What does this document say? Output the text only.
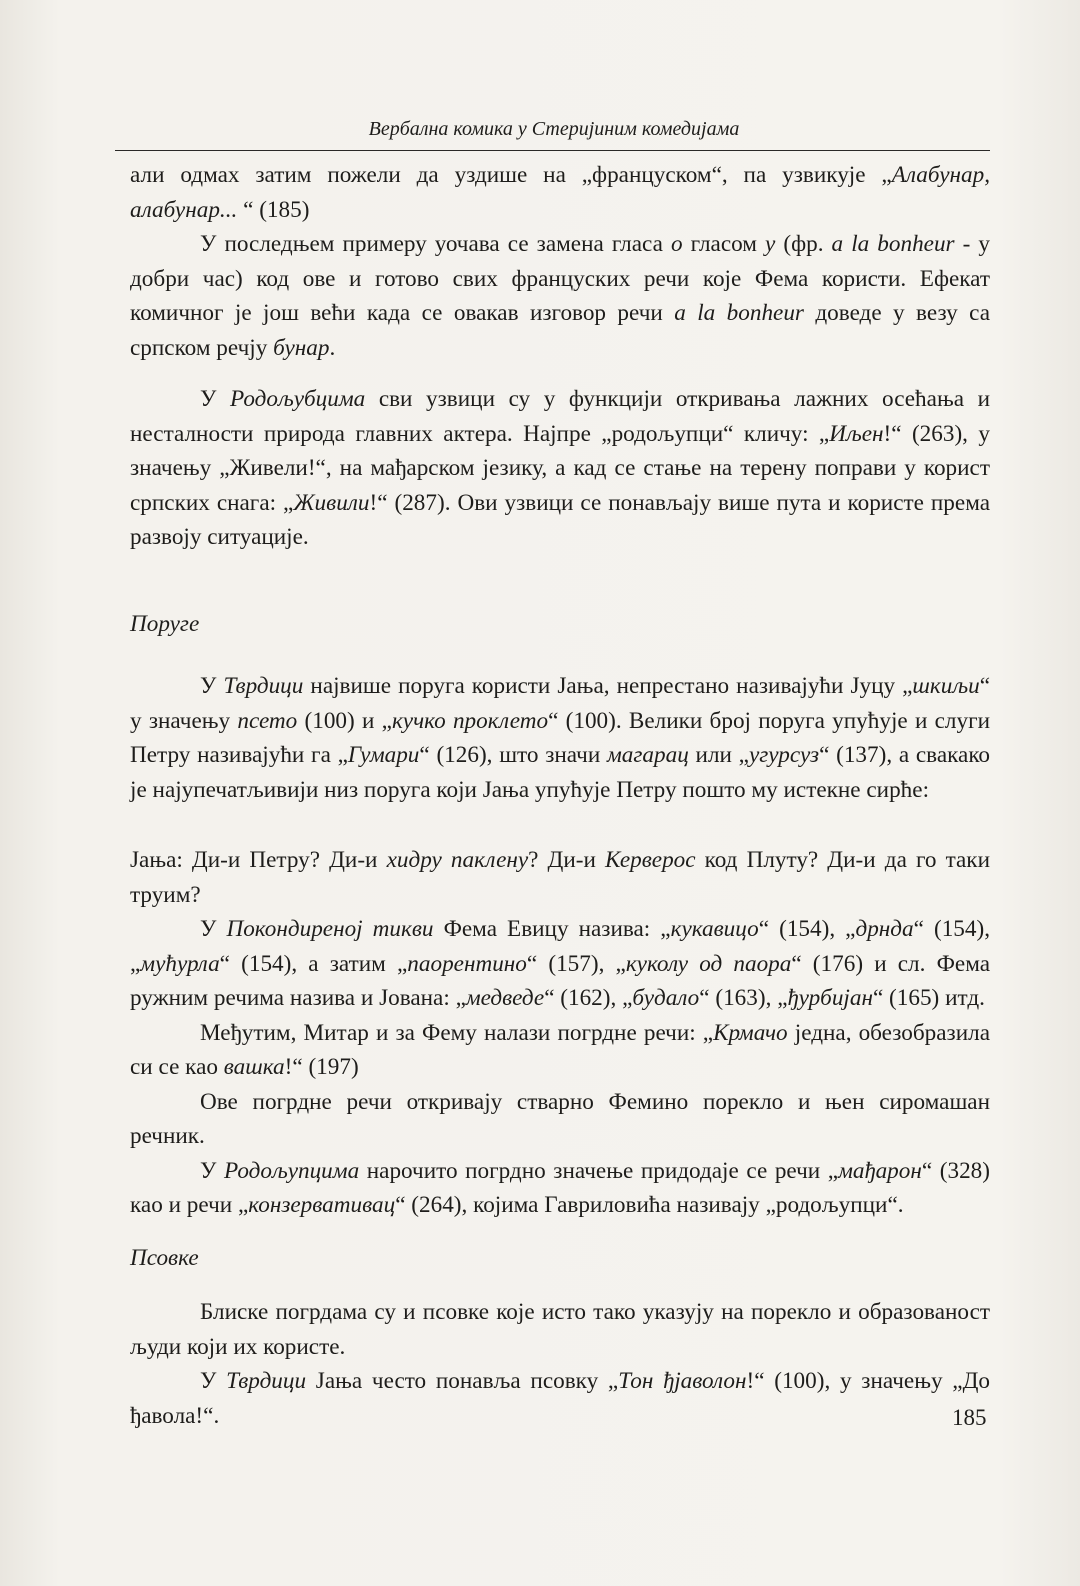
Вербална комика у Стеријиним комедијама

али одмах затим пожели да уздише на „француском“, па узвикује „Алабунар, алабунар... “ (185)

У последњем примеру уочава се замена гласа о гласом у (фр. a la bonheur - у добри час) код ове и готово свих француских речи које Фема користи. Ефекат комичног је још већи када се овакав изговор речи a la bonheur доведе у везу са српском речју бунар.

У Родољубцима сви узвици су у функцији откривања лажних осећања и несталности природа главних актера. Најпре „родољупци“ кличу: „Иљен!“ (263), у значењу „Живели!“, на мађарском језику, а кад се стање на терену поправи у корист српских снага: „Живили!“ (287). Ови узвици се понављају више пута и користе према развоју ситуације.

Поруге

У Тврдици највише поруга користи Јања, непрестано називајући Јуцу „шкиљи“ у значењу псето (100) и „кучко проклето“ (100). Велики број поруга упућује и слуги Петру називајући га „Гумари“ (126), што значи магарац или „угурсуз“ (137), а свакако је најупечатљивији низ поруга који Јања упућује Петру пошто му истекне сирће:

Јања: Ди-и Петру? Ди-и хидру паклену? Ди-и Керверос код Плуту? Ди-и да го таки труим?

У Покондиреној тикви Фема Евицу назива: „кукавицо“ (154), „дрнда“ (154), „мућурла“ (154), а затим „паорентино“ (157), „куколу од паора“ (176) и сл. Фема ружним речима назива и Јована: „медведе“ (162), „будало“ (163), „ђурбијан“ (165) итд.

Међутим, Митар и за Фему налази погрдне речи: „Крмачо једна, обезобразила си се као вашка!“ (197)

Ове погрдне речи откривају стварно Фемино порекло и њен сиромашан речник.

У Родољупцима нарочито погрдно значење придодаје се речи „мађарон“ (328) као и речи „конзервативац“ (264), којима Гавриловића називају „родољупци“.

Псовке

Блиске погрдама су и псовке које исто тако указују на порекло и образованост људи који их користе.

У Тврдици Јања често понавља псовку „Тон ђјаволон!“ (100), у значењу „До ђавола!“.	185
